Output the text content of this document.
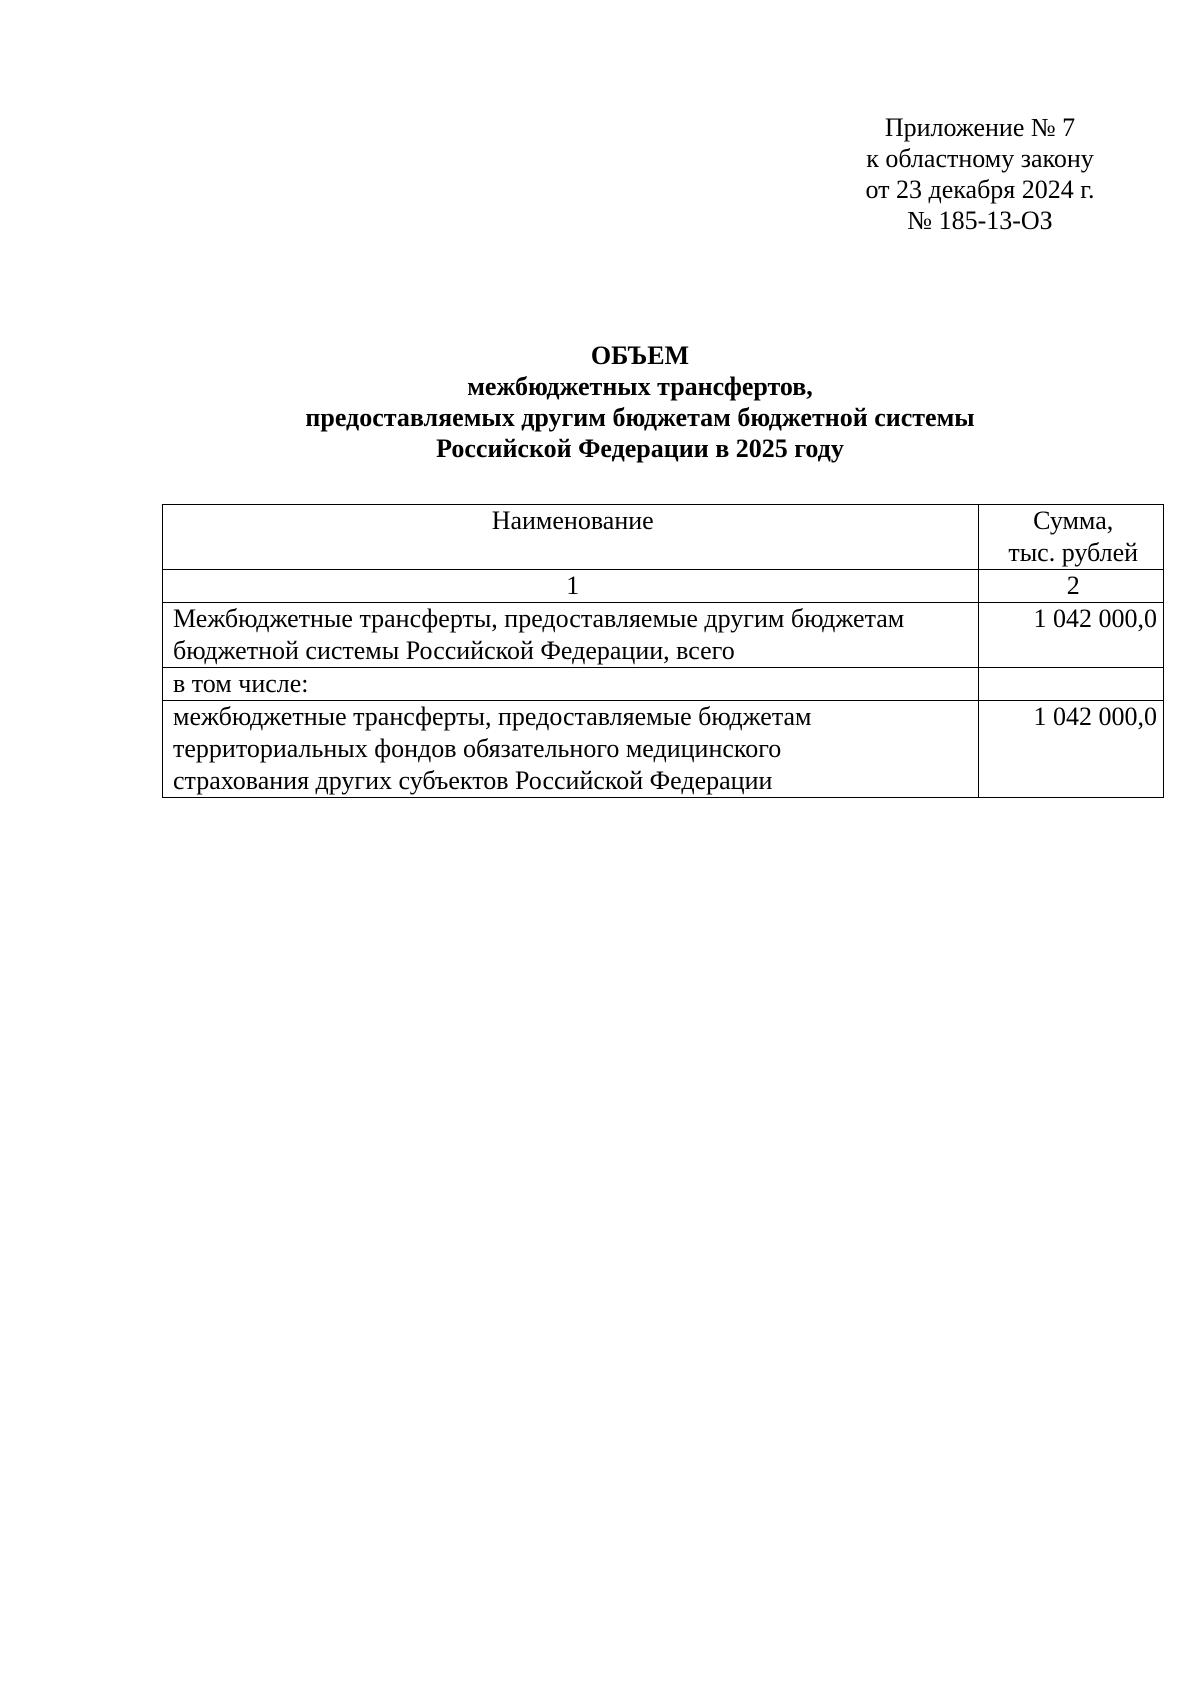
Приложение № 7
к областному закону
от 23 декабря 2024 г.
№ 185-13-ОЗ
ОБЪЕМ
межбюджетных трансфертов,
предоставляемых другим бюджетам бюджетной системы
Российской Федерации в 2025 году
Наименование	Сумма,
тыс. рублей

1	2

Межбюджетные трансферты, предоставляемые другим бюджетам
бюджетной системы Российской Федерации, всего	1 042 000,0

в том числе:	

межбюджетные трансферты, предоставляемые бюджетам
территориальных фондов обязательного медицинского
страхования других субъектов Российской Федерации	1 042 000,0
